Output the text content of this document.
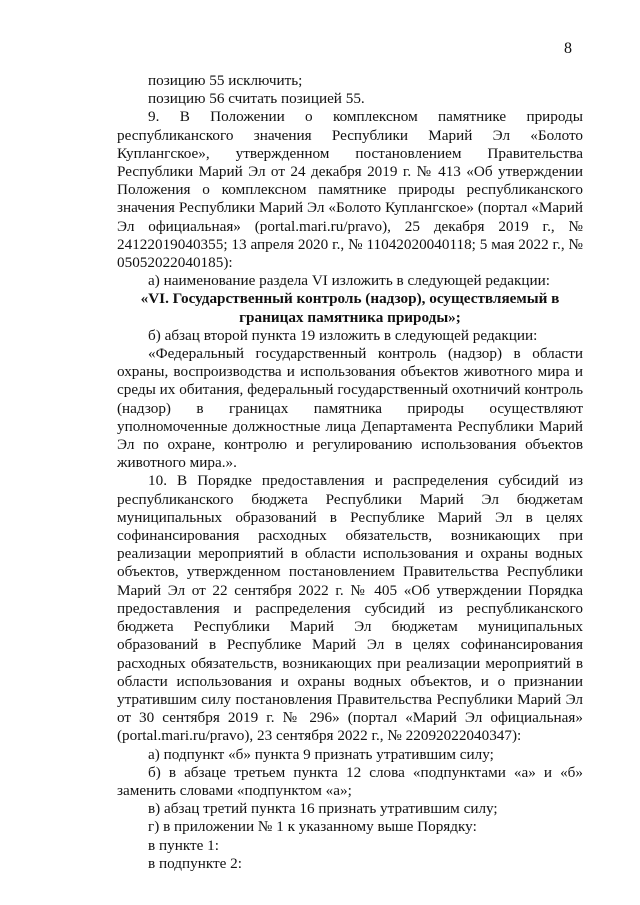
8

позицию 55 исключить;

позицию 56 считать позицией 55.

9. В Положении о комплексном памятнике природы республиканского значения Республики Марий Эл «Болото Куплангское», утвержденном постановлением Правительства Республики Марий Эл от 24 декабря 2019 г. № 413 «Об утверждении Положения о комплексном памятнике природы республиканского значения Республики Марий Эл «Болото Куплангское» (портал «Марий Эл официальная» (portal.mari.ru/pravo), 25 декабря 2019 г., № 24122019040355; 13 апреля 2020 г., № 11042020040118; 5 мая 2022 г., № 05052022040185):

а) наименование раздела VI изложить в следующей редакции:

«VI. Государственный контроль (надзор), осуществляемый в границах памятника природы»;

б) абзац второй пункта 19 изложить в следующей редакции:

«Федеральный государственный контроль (надзор) в области охраны, воспроизводства и использования объектов животного мира и среды их обитания, федеральный государственный охотничий контроль (надзор) в границах памятника природы осуществляют уполномоченные должностные лица Департамента Республики Марий Эл по охране, контролю и регулированию использования объектов животного мира.».

10. В Порядке предоставления и распределения субсидий из республиканского бюджета Республики Марий Эл бюджетам муниципальных образований в Республике Марий Эл в целях софинансирования расходных обязательств, возникающих при реализации мероприятий в области использования и охраны водных объектов, утвержденном постановлением Правительства Республики Марий Эл от 22 сентября 2022 г. № 405 «Об утверждении Порядка предоставления и распределения субсидий из республиканского бюджета Республики Марий Эл бюджетам муниципальных образований в Республике Марий Эл в целях софинансирования расходных обязательств, возникающих при реализации мероприятий в области использования и охраны водных объектов, и о признании утратившим силу постановления Правительства Республики Марий Эл от 30 сентября 2019 г. № 296» (портал «Марий Эл официальная» (portal.mari.ru/pravo), 23 сентября 2022 г., № 22092022040347):

а) подпункт «б» пункта 9 признать утратившим силу;

б) в абзаце третьем пункта 12 слова «подпунктами «а» и «б» заменить словами «подпунктом «а»;

в) абзац третий пункта 16 признать утратившим силу;

г) в приложении № 1 к указанному выше Порядку:

в пункте 1:

в подпункте 2:
